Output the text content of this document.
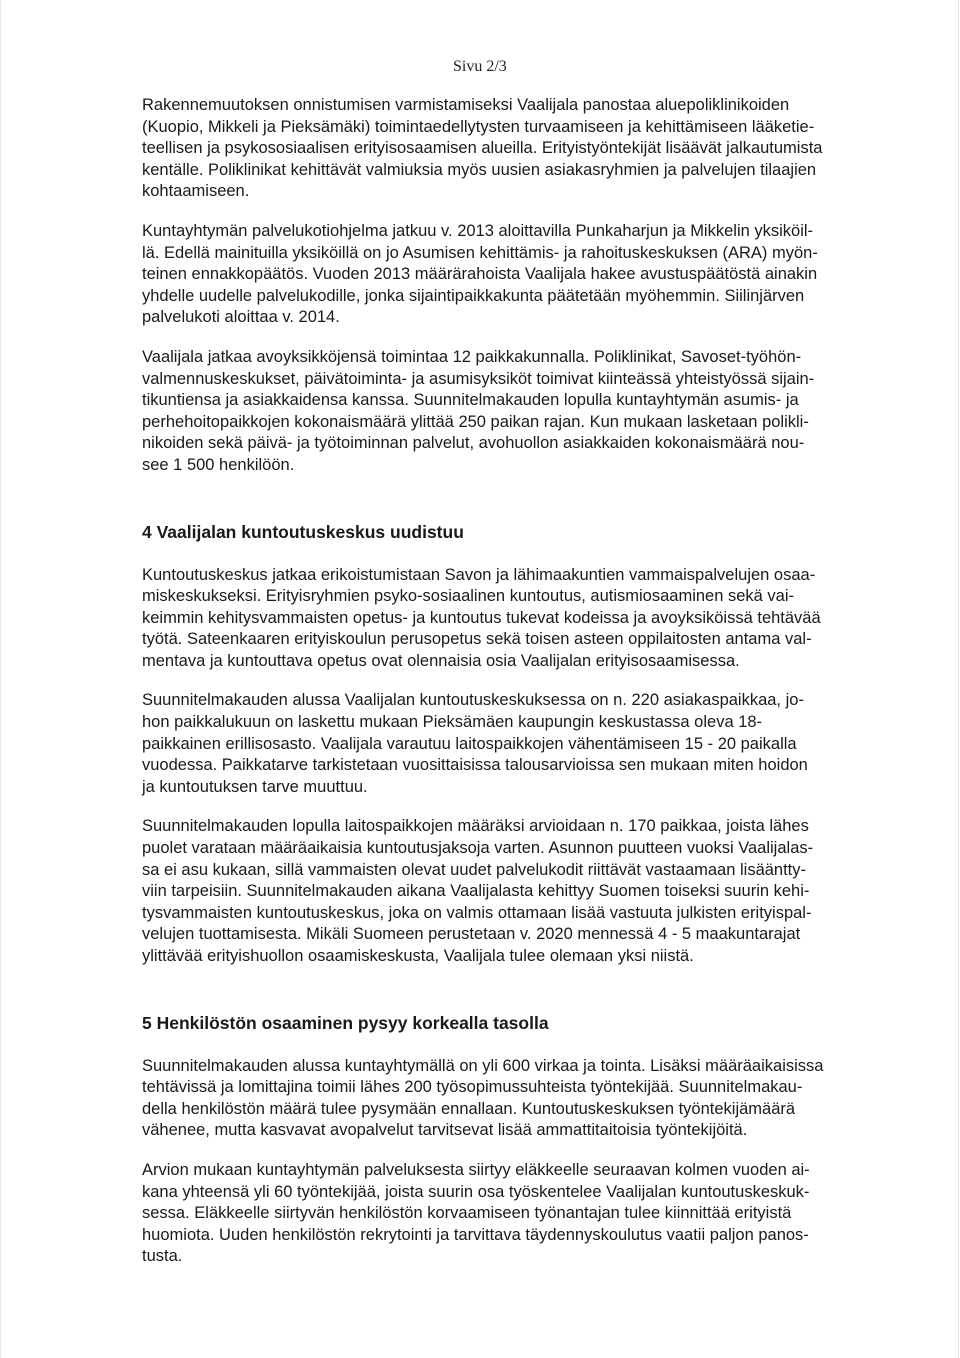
Sivu 2/3

Rakennemuutoksen onnistumisen varmistamiseksi Vaalijala panostaa aluepoliklinikoiden
(Kuopio, Mikkeli ja Pieksämäki) toimintaedellytysten turvaamiseen ja kehittämiseen lääketie-
teellisen ja psykososiaalisen erityisosaamisen alueilla. Erityistyöntekijät lisäävät jalkautumista
kentälle. Poliklinikat kehittävät valmiuksia myös uusien asiakasryhmien ja palvelujen tilaajien
kohtaamiseen.

Kuntayhtymän palvelukotiohjelma jatkuu v. 2013 aloittavilla Punkaharjun ja Mikkelin yksiköil-
lä. Edellä mainituilla yksiköillä on jo Asumisen kehittämis- ja rahoituskeskuksen (ARA) myön-
teinen ennakkopäätös. Vuoden 2013 määrärahoista Vaalijala hakee avustuspäätöstä ainakin
yhdelle uudelle palvelukodille, jonka sijaintipaikkakunta päätetään myöhemmin. Siilinjärven
palvelukoti aloittaa v. 2014.

Vaalijala jatkaa avoyksikköjensä toimintaa 12 paikkakunnalla. Poliklinikat, Savoset-työhön-
valmennuskeskukset, päivätoiminta- ja asumisyksiköt toimivat kiinteässä yhteistyössä sijain-
tikuntiensa ja asiakkaidensa kanssa. Suunnitelmakauden lopulla kuntayhtymän asumis- ja
perhehoitopaikkojen kokonaismäärä ylittää 250 paikan rajan. Kun mukaan lasketaan polikli-
nikoiden sekä päivä- ja työtoiminnan palvelut, avohuollon asiakkaiden kokonaismäärä nou-
see 1 500 henkilöön.

4 Vaalijalan kuntoutuskeskus uudistuu

Kuntoutuskeskus jatkaa erikoistumistaan Savon ja lähimaakuntien vammaispalvelujen osaa-
miskeskukseksi. Erityisryhmien psyko-sosiaalinen kuntoutus, autismiosaaminen sekä vai-
keimmin kehitysvammaisten opetus- ja kuntoutus tukevat kodeissa ja avoyksiköissä tehtävää
työtä. Sateenkaaren erityiskoulun perusopetus sekä toisen asteen oppilaitosten antama val-
mentava ja kuntouttava opetus ovat olennaisia osia Vaalijalan erityisosaamisessa.

Suunnitelmakauden alussa Vaalijalan kuntoutuskeskuksessa on n. 220 asiakaspaikkaa, jo-
hon paikkalukuun on laskettu mukaan Pieksämäen kaupungin keskustassa oleva 18-
paikkainen erillisosasto. Vaalijala varautuu laitospaikkojen vähentämiseen 15 - 20 paikalla
vuodessa. Paikkatarve tarkistetaan vuosittaisissa talousarvioissa sen mukaan miten hoidon
ja kuntoutuksen tarve muuttuu.

Suunnitelmakauden lopulla laitospaikkojen määräksi arvioidaan n. 170 paikkaa, joista lähes
puolet varataan määräaikaisia kuntoutusjaksoja varten. Asunnon puutteen vuoksi Vaalijalas-
sa ei asu kukaan, sillä vammaisten olevat uudet palvelukodit riittävät vastaamaan lisääntty-
viin tarpeisiin. Suunnitelmakauden aikana Vaalijalasta kehittyy Suomen toiseksi suurin kehi-
tysvammaisten kuntoutuskeskus, joka on valmis ottamaan lisää vastuuta julkisten erityispal-
velujen tuottamisesta. Mikäli Suomeen perustetaan v. 2020 mennessä 4 - 5 maakuntarajat
ylittävää erityishuollon osaamiskeskusta, Vaalijala tulee olemaan yksi niistä.

5 Henkilöstön osaaminen pysyy korkealla tasolla

Suunnitelmakauden alussa kuntayhtymällä on yli 600 virkaa ja tointa. Lisäksi määräaikaisissa
tehtävissä ja lomittajina toimii lähes 200 työsopimussuhteista työntekijää. Suunnitelmakau-
della henkilöstön määrä tulee pysymään ennallaan. Kuntoutuskeskuksen työntekijämäärä
vähenee, mutta kasvavat avopalvelut tarvitsevat lisää ammattitaitoisia työntekijöitä.

Arvion mukaan kuntayhtymän palveluksesta siirtyy eläkkeelle seuraavan kolmen vuoden ai-
kana yhteensä yli 60 työntekijää, joista suurin osa työskentelee Vaalijalan kuntoutuskeskuk-
sessa. Eläkkeelle siirtyvän henkilöstön korvaamiseen työnantajan tulee kiinnittää erityistä
huomiota. Uuden henkilöstön rekrytointi ja tarvittava täydennyskoulutus vaatii paljon panos-
tusta.
